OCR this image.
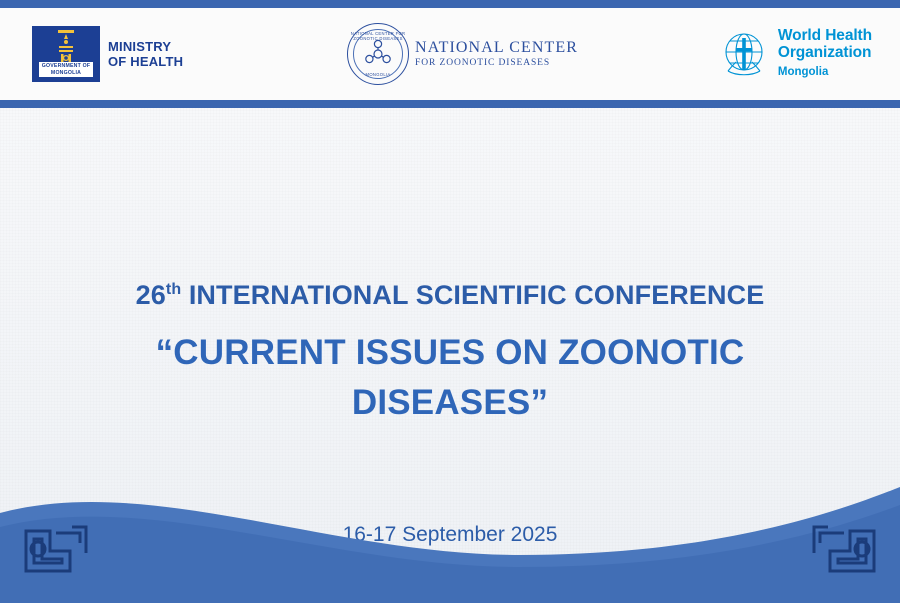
GOVERNMENT OF
MONGOLIA
MINISTRY
OF HEALTH
NATIONAL CENTER FOR ZOONOTIC DISEASES
MONGOLIA
NATIONAL CENTER
FOR ZOONOTIC DISEASES
World Health
Organization
Mongolia
26th INTERNATIONAL SCIENTIFIC CONFERENCE
“CURRENT ISSUES ON ZOONOTIC
DISEASES”
16-17 September 2025
